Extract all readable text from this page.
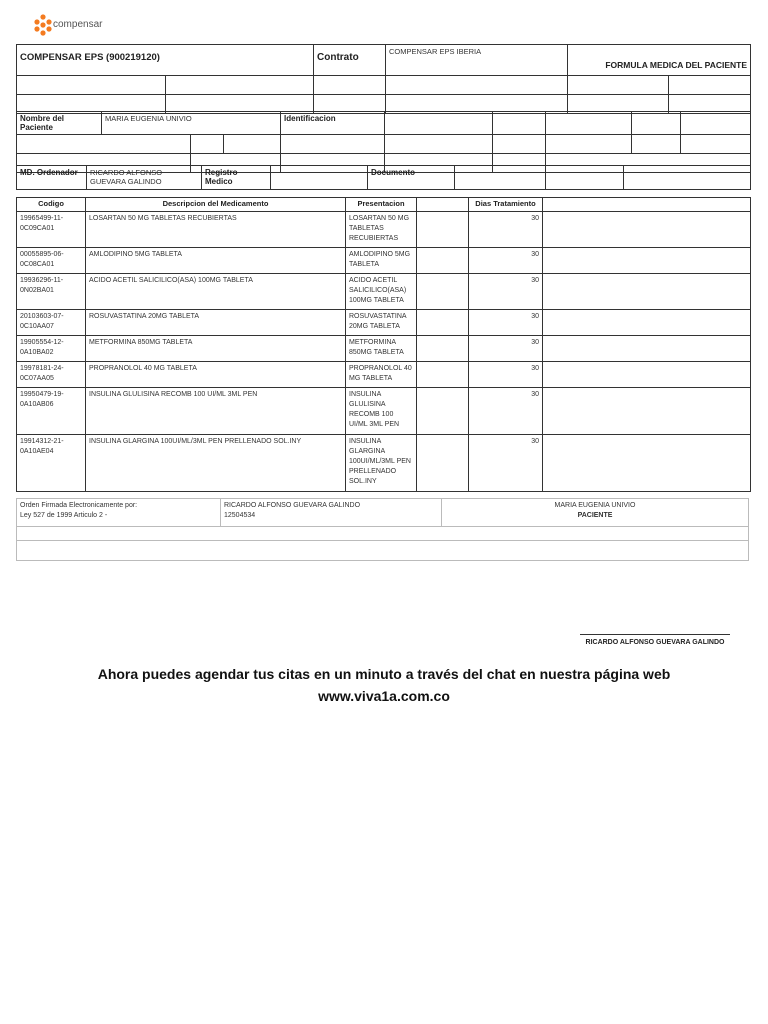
compensar
COMPENSAR EPS (900219120)		Contrato	COMPENSAR EPS IBERIA	FORMULA MEDICA DEL PACIENTE	

Nombre del Paciente	MARIA EUGENIA UNIVIO			Identificacion					

MD. Ordenador	RICARDO ALFONSO GUEVARA GALINDO	Registro Medico		Documento			
Codigo	Descripcion del Medicamento	Presentacion		Dias Tratamiento	
19965499-11-0C09CA01	LOSARTAN 50 MG TABLETAS RECUBIERTAS	LOSARTAN 50 MG TABLETAS RECUBIERTAS		30	
00055895-06-0C08CA01	AMLODIPINO 5MG TABLETA	AMLODIPINO 5MG TABLETA		30	
19936296-11-0N02BA01	ACIDO ACETIL SALICILICO(ASA) 100MG TABLETA	ACIDO ACETIL SALICILICO(ASA) 100MG TABLETA		30	
20103603-07-0C10AA07	ROSUVASTATINA 20MG TABLETA	ROSUVASTATINA 20MG TABLETA		30	
19905554-12-0A10BA02	METFORMINA 850MG TABLETA	METFORMINA 850MG TABLETA		30	
19978181-24-0C07AA05	PROPRANOLOL 40 MG TABLETA	PROPRANOLOL 40 MG TABLETA		30	
19950479-19-0A10AB06	INSULINA GLULISINA RECOMB 100 UI/ML 3ML PEN	INSULINA GLULISINA RECOMB 100 UI/ML 3ML PEN		30	
19914312-21-0A10AE04	INSULINA GLARGINA 100UI/ML/3ML PEN PRELLENADO SOL.INY	INSULINA GLARGINA 100UI/ML/3ML PEN PRELLENADO SOL.INY		30	
Orden Firmada Electronicamente por:
Ley 527 de 1999 Articulo 2 -

RICARDO ALFONSO GUEVARA GALINDO
12504534

MARIA EUGENIA UNIVIO
PACIENTE

RICARDO ALFONSO GUEVARA GALINDO
Ahora puedes agendar tus citas en un minuto a través del chat en nuestra página web
www.viva1a.com.co
